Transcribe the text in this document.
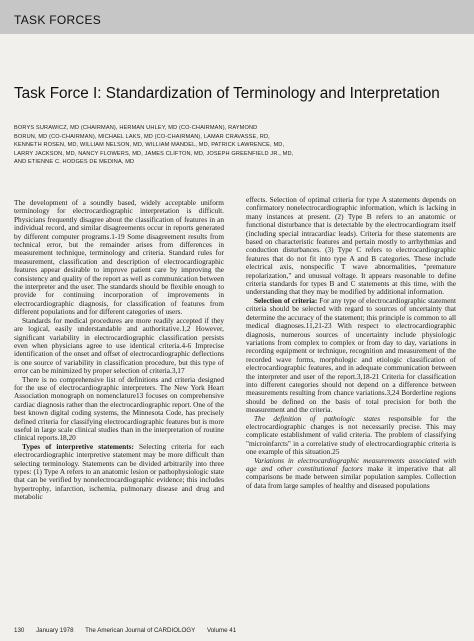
TASK FORCES
Task Force I: Standardization of Terminology and Interpretation
BORYS SURAWICZ, MD (CHAIRMAN), HERMAN UHLEY, MD (CO-CHAIRMAN), RAYMOND
BORUN, MD (CO-CHAIRMAN), MICHAEL LAKS, MD (CO-CHAIRMAN), LAMAR CRAVASSE, RD,
KENNETH ROSEN, MD, WILLIAM NELSON, MD, WILLIAM MANDEL, MD, PATRICK LAWRENCE, MD,
LARRY JACKSON, MD, NANCY FLOWERS, MD, JAMES CLIFTON, MD, JOSEPH GREENFIELD JR., MD,
AND ETIENNE C. HODGES DE MEDINA, MD

The development of a soundly based, widely acceptable uniform terminology for electrocardiographic interpretation is difficult. Physicians frequently disagree about the classification of features in an individual record, and similar disagreements occur in reports generated by different computer programs.1-19 Some disagreement results from technical error, but the remainder arises from differences in measurement technique, terminology and criteria. Standard rules for measurement, classification and description of electrocardiographic features appear desirable to improve patient care by improving the consistency and quality of the report as well as communication between the interpreter and the user. The standards should be flexible enough to provide for continuing incorporation of improvements in electrocardiographic diagnosis, for classification of features from different populations and for different categories of users.

Standards for medical procedures are more readily accepted if they are logical, easily understandable and authoritative.1,2 However, significant variability in electrocardiographic classification persists even when physicians agree to use identical criteria.4-6 Imprecise identification of the onset and offset of electrocardiographic deflections is one source of variability in classification procedure, but this type of error can be minimized by proper selection of criteria.3,17

There is no comprehensive list of definitions and criteria designed for the use of electrocardiographic interpreters. The New York Heart Association monograph on nomenclature13 focuses on comprehensive cardiac diagnosis rather than the electrocardiographic report. One of the best known digital coding systems, the Minnesota Code, has precisely defined criteria for classifying electrocardiographic features but is more useful in large scale clinical studies than in the interpretation of routine clinical reports.18,20

Types of interpretive statements: Selecting criteria for each electrocardiographic interpretive statement may be more difficult than selecting terminology. Statements can be divided arbitrarily into three types: (1) Type A refers to an anatomic lesion or pathophysiologic state that can be verified by nonelectrocardiographic evidence; this includes hypertrophy, infarction, ischemia, pulmonary disease and drug and metabolic

effects. Selection of optimal criteria for type A statements depends on confirmatory nonelectrocardiographic information, which is lacking in many instances at present. (2) Type B refers to an anatomic or functional disturbance that is detectable by the electrocardiogram itself (including special intracardiac leads). Criteria for these statements are based on characteristic features and pertain mostly to arrhythmias and conduction disturbances. (3) Type C refers to electrocardiographic features that do not fit into type A and B categories. These include electrical axis, nonspecific T wave abnormalities, "premature repolarization," and unusual voltage. It appears reasonable to define criteria standards for types B and C statements at this time, with the understanding that they may be modified by additional information.

Selection of criteria: For any type of electrocardiographic statement criteria should be selected with regard to sources of uncertainty that determine the accuracy of the statement; this principle is common to all medical diagnoses.11,21-23 With respect to electrocardiographic diagnosis, numerous sources of uncertainty include physiologic variations from complex to complex or from day to day, variations in recording equipment or technique, recognition and measurement of the recorded wave forms, morphologic and etiologic classification of electrocardiographic features, and in adequate communication between the interpreter and user of the report.3,18-21 Criteria for classification into different categories should not depend on a difference between measurements resulting from chance variations.3,24 Borderline regions should be defined on the basis of total precision for both the measurement and the criteria.

The definition of pathologic states responsible for the electrocardiographic changes is not necessarily precise. This may complicate establishment of valid criteria. The problem of classifying "microinfarcts" in a correlative study of electrocardiographic criteria is one example of this situation.25

Variations in electrocardiographic measurements associated with age and other constitutional factors make it imperative that all comparisons be made between similar population samples. Collection of data from large samples of healthy and diseased populations

130 January 1978 The American Journal of CARDIOLOGY Volume 41
